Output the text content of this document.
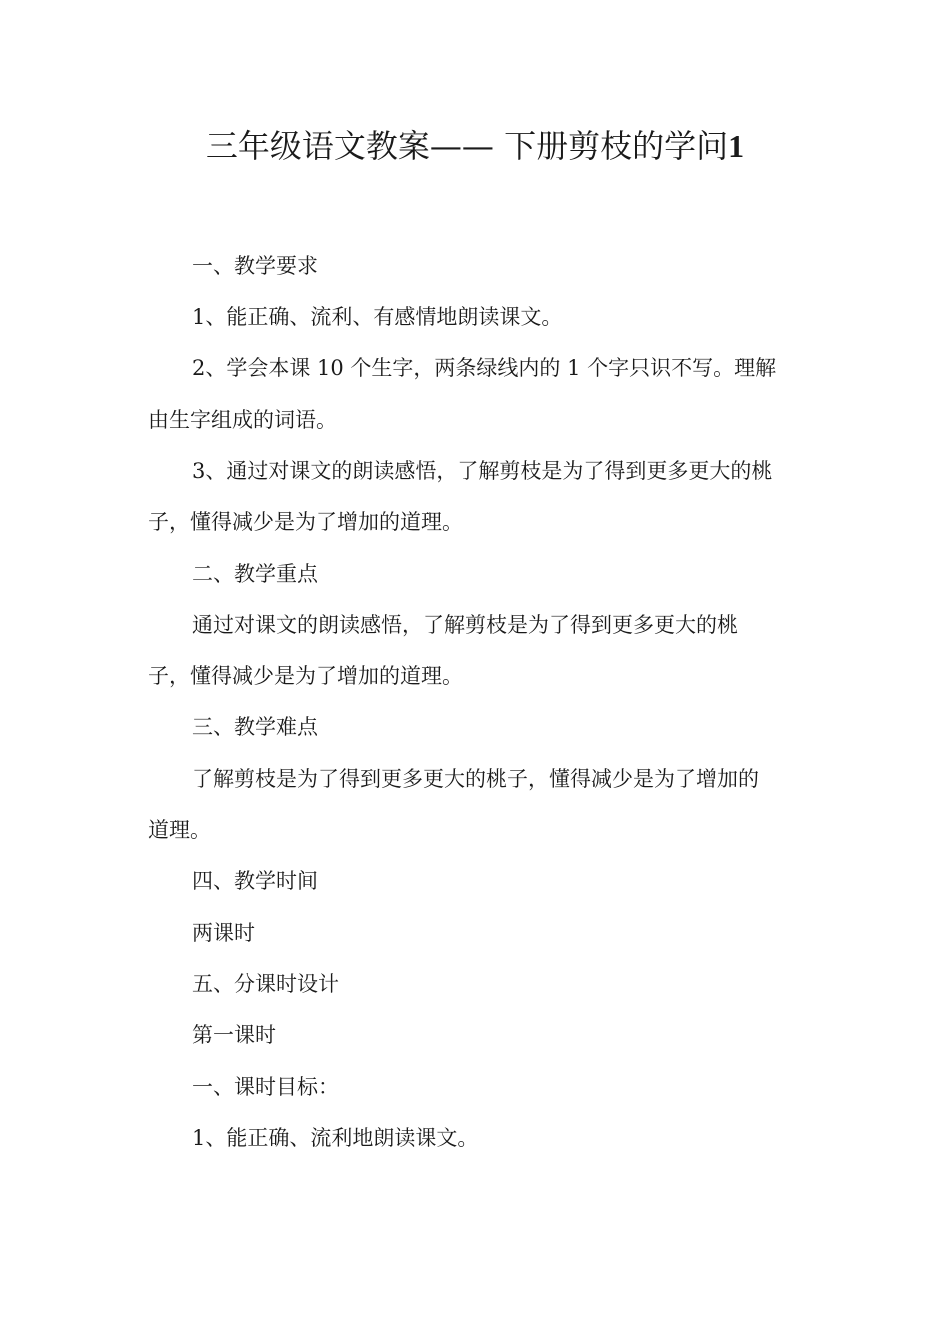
三年级语文教案—— 下册剪枝的学问1
一、教学要求
1、能正确、流利、有感情地朗读课文。
2、学会本课 10 个生字，两条绿线内的 1 个字只识不写。理解
由生字组成的词语。
3、通过对课文的朗读感悟，了解剪枝是为了得到更多更大的桃
子，懂得减少是为了增加的道理。
二、教学重点
通过对课文的朗读感悟，了解剪枝是为了得到更多更大的桃
子，懂得减少是为了增加的道理。
三、教学难点
了解剪枝是为了得到更多更大的桃子，懂得减少是为了增加的
道理。
四、教学时间
两课时
五、分课时设计
第一课时
一、课时目标：
1、能正确、流利地朗读课文。
